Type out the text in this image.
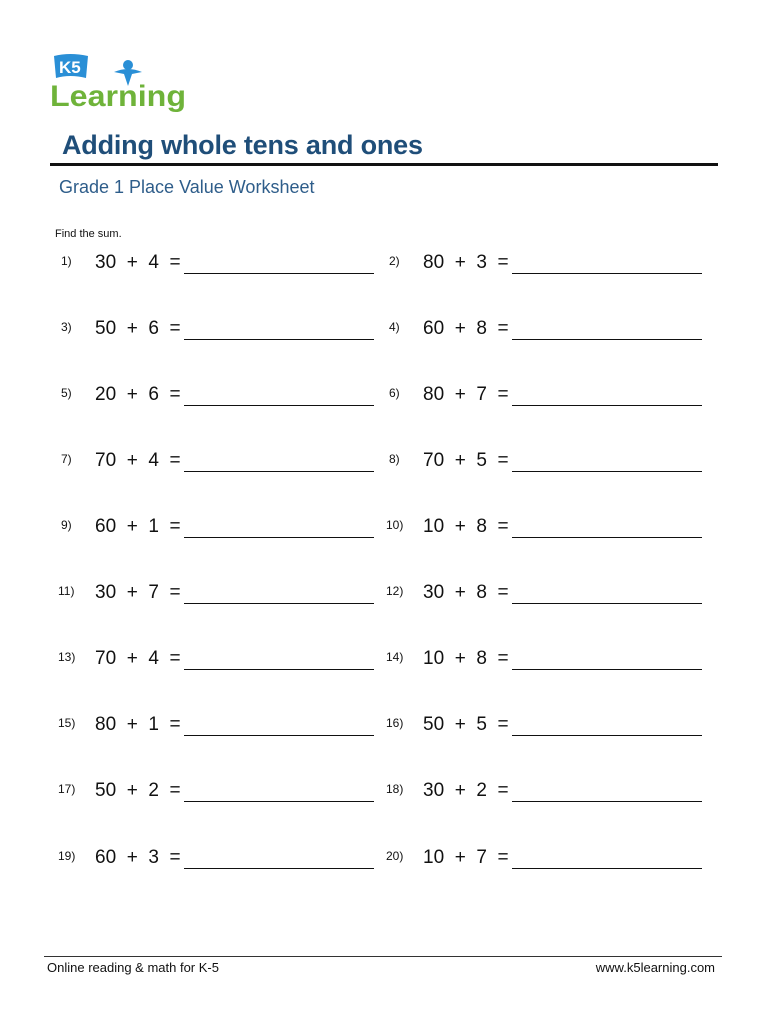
K5
Learning
Adding whole tens and ones
Grade 1 Place Value Worksheet
Find the sum.
1) 30  +  4  =	2) 80  +  3  =
3) 50  +  6  =	4) 60  +  8  =
5) 20  +  6  =	6) 80  +  7  =
7) 70  +  4  =	8) 70  +  5  =
9) 60  +  1  =	10) 10  +  8  =
11) 30  +  7  =	12) 30  +  8  =
13) 70  +  4  =	14) 10  +  8  =
15) 80  +  1  =	16) 50  +  5  =
17) 50  +  2  =	18) 30  +  2  =
19) 60  +  3  =	20) 10  +  7  =
Online reading & math for K-5	www.k5learning.com
